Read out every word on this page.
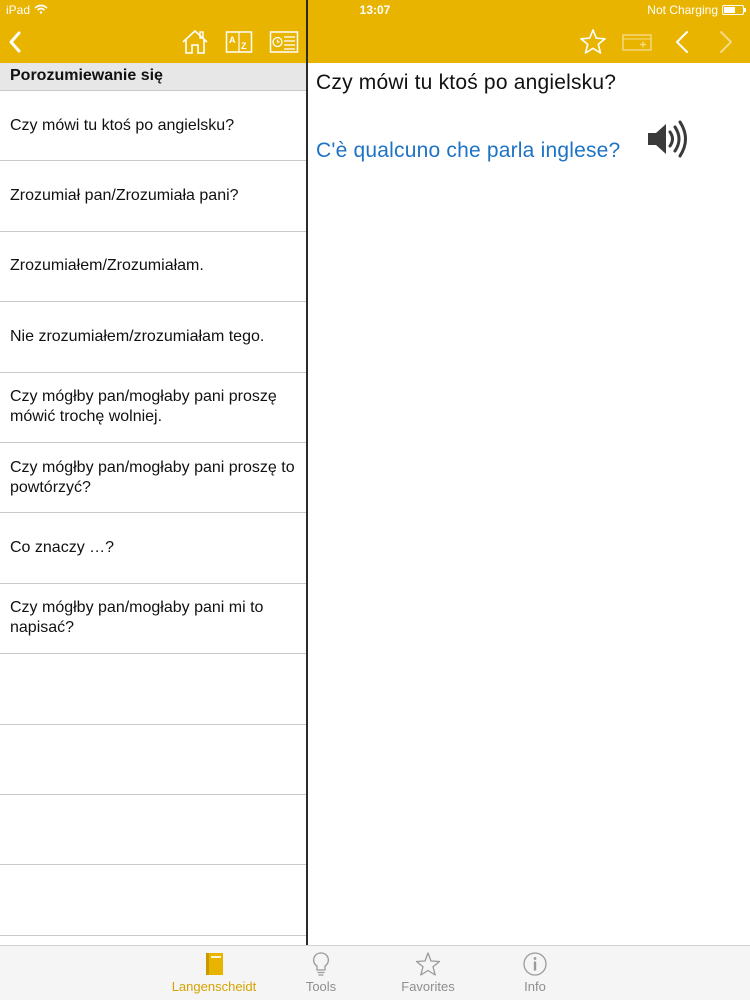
iPad	13:07	Not Charging
A
Z
Porozumiewanie się
Czy mówi tu ktoś po angielsku?
Zrozumiał pan/Zrozumiała pani?
Zrozumiałem/Zrozumiałam.
Nie zrozumiałem/zrozumiałam tego.
Czy mógłby pan/mogłaby pani proszę mówić trochę wolniej.
Czy mógłby pan/mogłaby pani proszę to powtórzyć?
Co znaczy …?
Czy mógłby pan/mogłaby pani mi to napisać?
Czy mówi tu ktoś po angielsku?
C'è qualcuno che parla inglese?
Langenscheidt	Tools	Favorites	Info
